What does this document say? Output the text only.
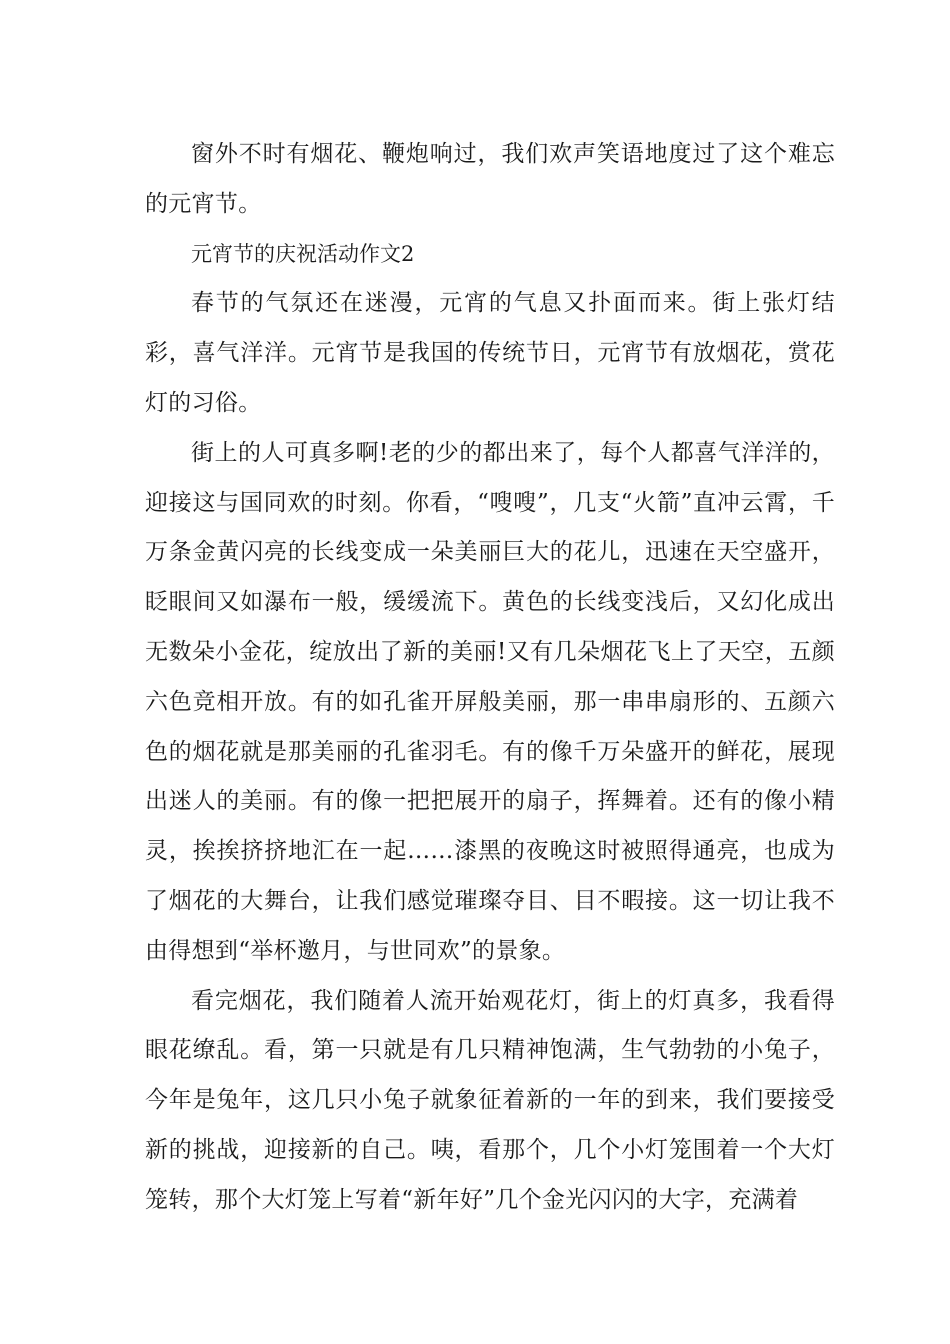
窗外不时有烟花、鞭炮响过，我们欢声笑语地度过了这个难忘的元宵节。

元宵节的庆祝活动作文2

春节的气氛还在迷漫，元宵的气息又扑面而来。街上张灯结彩，喜气洋洋。元宵节是我国的传统节日，元宵节有放烟花，赏花灯的习俗。

街上的人可真多啊!老的少的都出来了，每个人都喜气洋洋的，迎接这与国同欢的时刻。你看，“嗖嗖”，几支“火箭”直冲云霄，千万条金黄闪亮的长线变成一朵美丽巨大的花儿，迅速在天空盛开，眨眼间又如瀑布一般，缓缓流下。黄色的长线变浅后，又幻化成出无数朵小金花，绽放出了新的美丽!又有几朵烟花飞上了天空，五颜六色竞相开放。有的如孔雀开屏般美丽，那一串串扇形的、五颜六色的烟花就是那美丽的孔雀羽毛。有的像千万朵盛开的鲜花，展现出迷人的美丽。有的像一把把展开的扇子，挥舞着。还有的像小精灵，挨挨挤挤地汇在一起……漆黑的夜晚这时被照得通亮，也成为了烟花的大舞台，让我们感觉璀璨夺目、目不暇接。这一切让我不由得想到“举杯邀月，与世同欢”的景象。

看完烟花，我们随着人流开始观花灯，街上的灯真多，我看得眼花缭乱。看，第一只就是有几只精神饱满，生气勃勃的小兔子，今年是兔年，这几只小兔子就象征着新的一年的到来，我们要接受新的挑战，迎接新的自己。咦，看那个，几个小灯笼围着一个大灯笼转，那个大灯笼上写着“新年好”几个金光闪闪的大字，充满着
